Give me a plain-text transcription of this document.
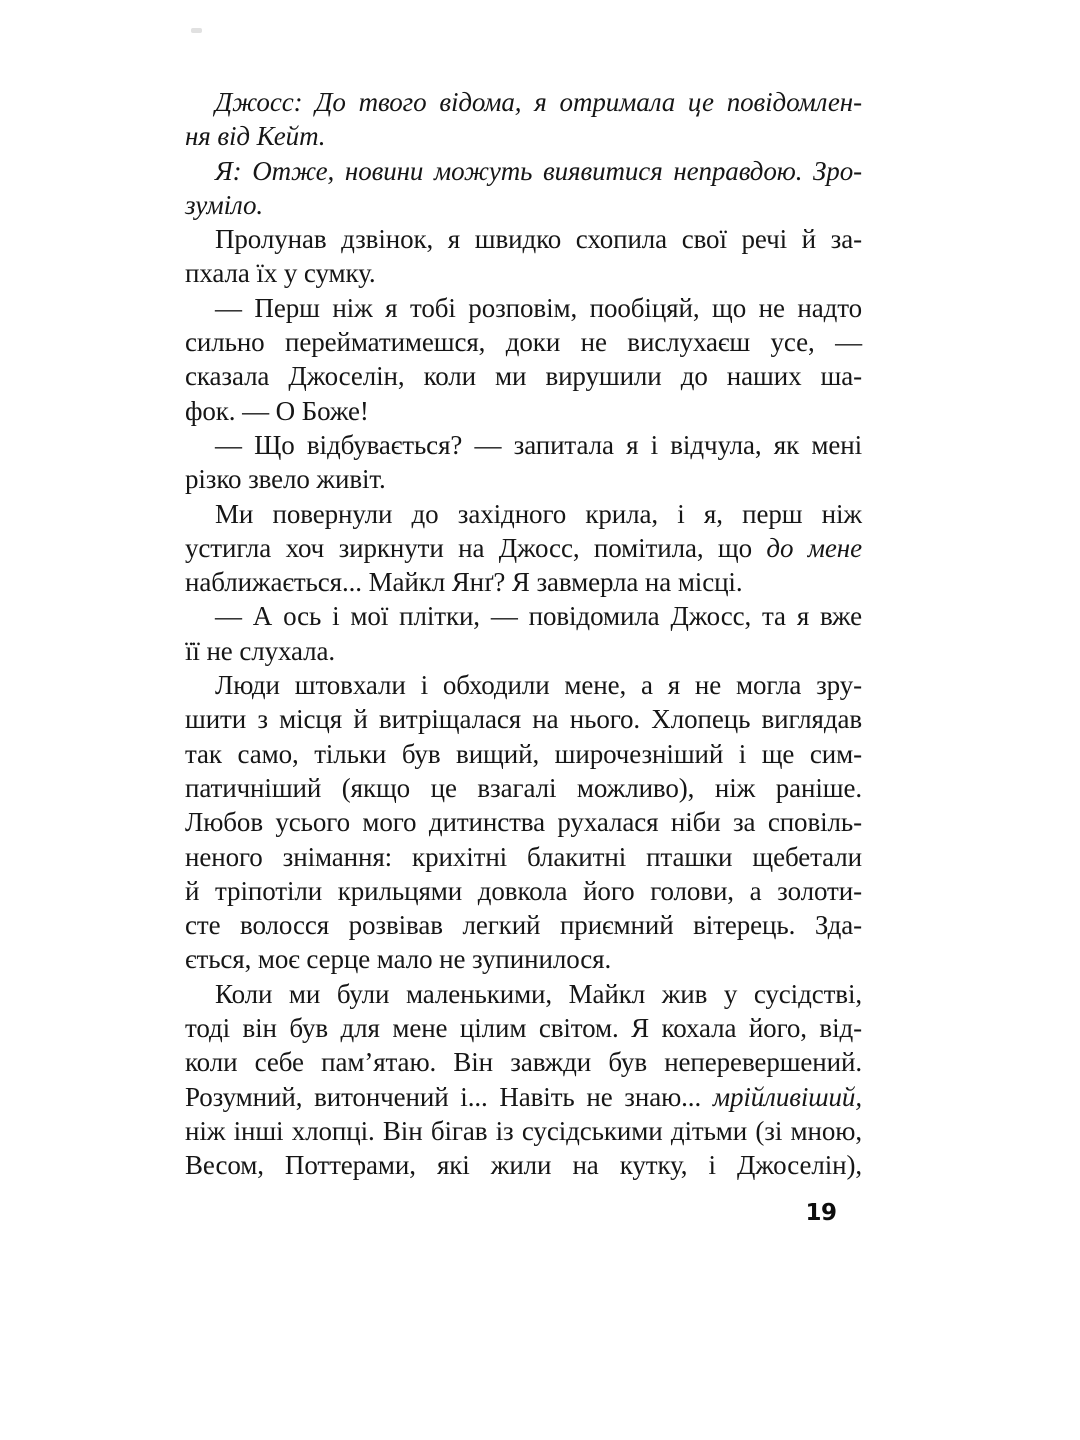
Джосс: До твого відома, я отримала це повідомлен-
ня від Кейт.
Я: Отже, новини можуть виявитися неправдою. Зро-
зуміло.
Пролунав дзвінок, я швидко схопила свої речі й за-
пхала їх у сумку.
— Перш ніж я тобі розповім, пообіцяй, що не надто
сильно перейматимешся, доки не вислухаєш усе, —
сказала Джоселін, коли ми вирушили до наших ша-
фок. — О Боже!
— Що відбувається? — запитала я і відчула, як мені
різко звело живіт.
Ми повернули до західного крила, і я, перш ніж
устигла хоч зиркнути на Джосс, помітила, що до мене
наближається... Майкл Янґ? Я завмерла на місці.
— А ось і мої плітки, — повідомила Джосс, та я вже
її не слухала.
Люди штовхали і обходили мене, а я не могла зру-
шити з місця й витріщалася на нього. Хлопець виглядав
так само, тільки був вищий, широчезніший і ще сим-
патичніший (якщо це взагалі можливо), ніж раніше.
Любов усього мого дитинства рухалася ніби за сповіль-
неного знімання: крихітні блакитні пташки щебетали
й тріпотіли крильцями довкола його голови, а золоти-
сте волосся розвівав легкий приємний вітерець. Зда-
ється, моє серце мало не зупинилося.
Коли ми були маленькими, Майкл жив у сусідстві,
тоді він був для мене цілим світом. Я кохала його, від-
коли себе пам’ятаю. Він завжди був неперевершений.
Розумний, витончений і... Навіть не знаю... мрійливіший,
ніж інші хлопці. Він бігав із сусідськими дітьми (зі мною,
Весом, Поттерами, які жили на кутку, і Джоселін),
19
